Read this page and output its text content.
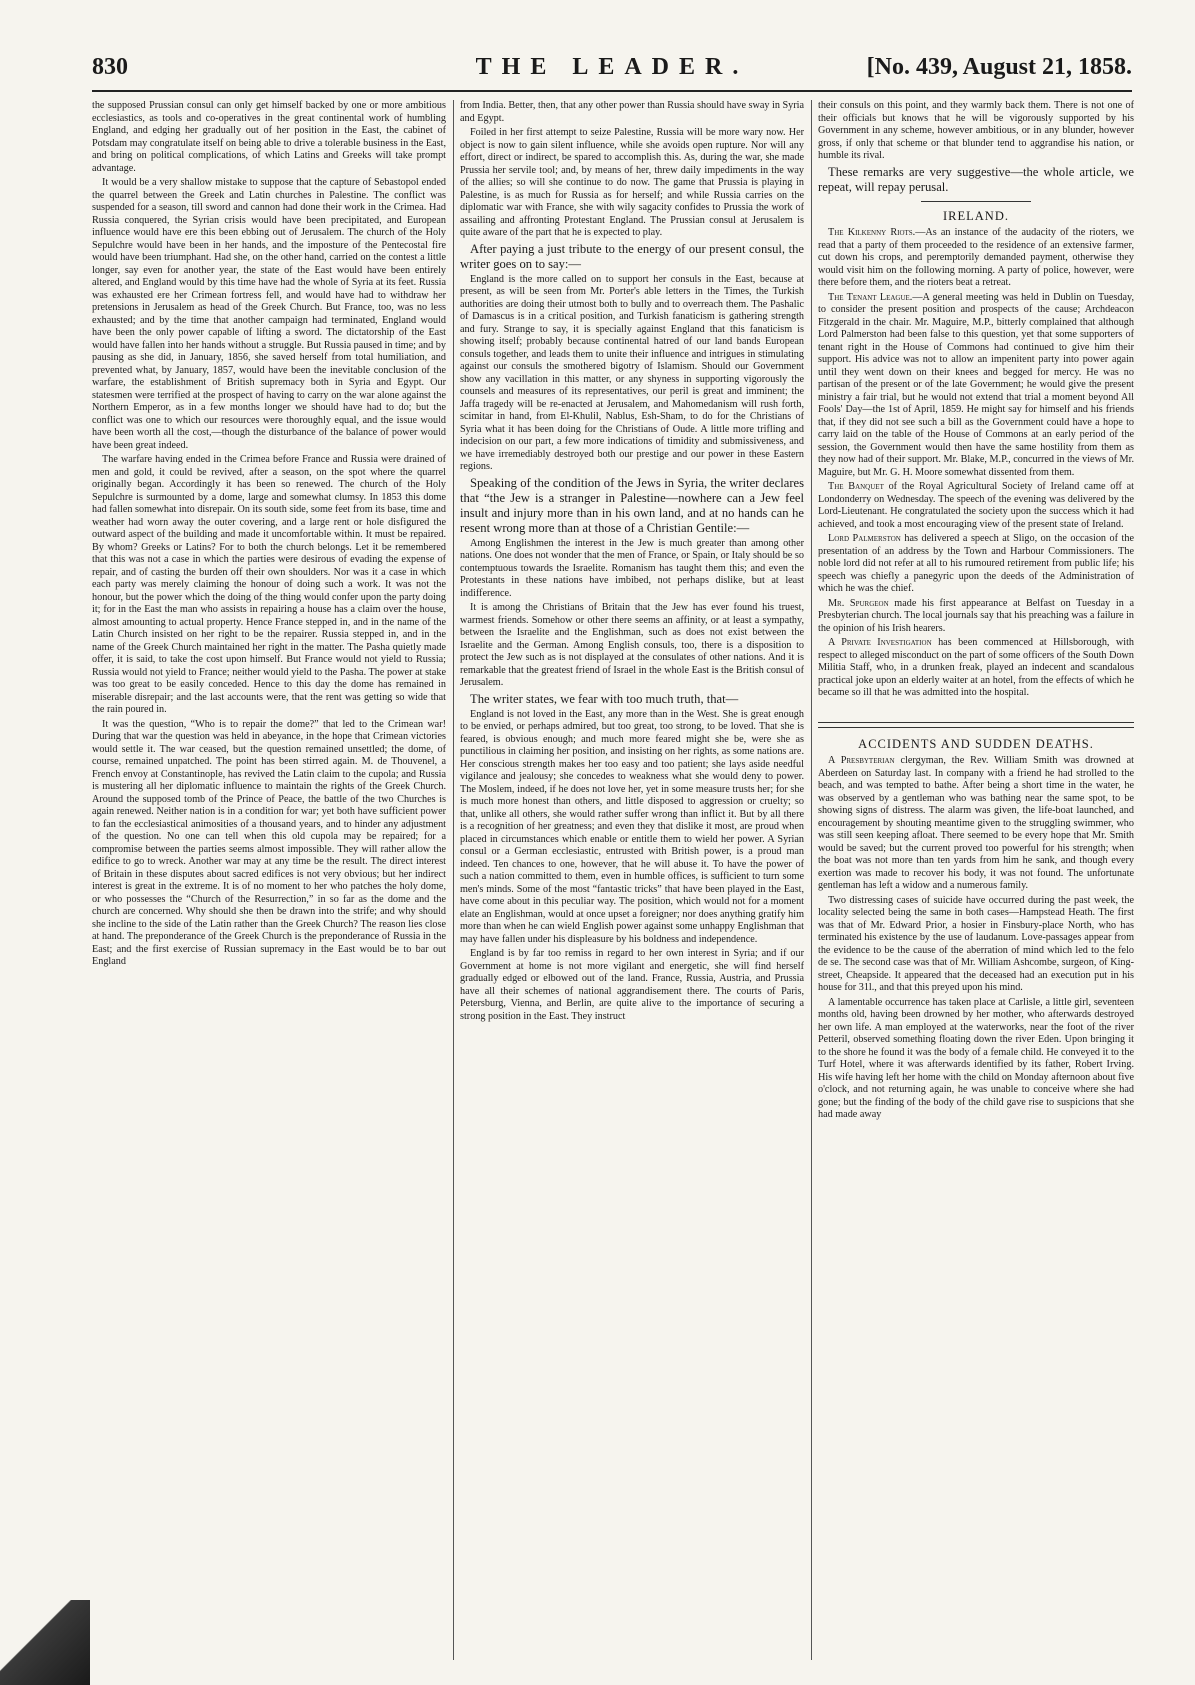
830	THE LEADER.	[No. 439, August 21, 1858.

the supposed Prussian consul can only get himself backed by one or more ambitious ecclesiastics, as tools and co-operatives in the great continental work of humbling England, and edging her gradually out of her position in the East, the cabinet of Potsdam may congratulate itself on being able to drive a tolerable business in the East, and bring on political complications, of which Latins and Greeks will take prompt advantage.

It would be a very shallow mistake to suppose that the capture of Sebastopol ended the quarrel between the Greek and Latin churches in Palestine. The conflict was suspended for a season, till sword and cannon had done their work in the Crimea. Had Russia conquered, the Syrian crisis would have been precipitated, and European influence would have ere this been ebbing out of Jerusalem. The church of the Holy Sepulchre would have been in her hands, and the imposture of the Pentecostal fire would have been triumphant. Had she, on the other hand, carried on the contest a little longer, say even for another year, the state of the East would have been entirely altered, and England would by this time have had the whole of Syria at its feet. Russia was exhausted ere her Crimean fortress fell, and would have had to withdraw her pretensions in Jerusalem as head of the Greek Church. But France, too, was no less exhausted; and by the time that another campaign had terminated, England would have been the only power capable of lifting a sword. The dictatorship of the East would have fallen into her hands without a struggle. But Russia paused in time; and by pausing as she did, in January, 1856, she saved herself from total humiliation, and prevented what, by January, 1857, would have been the inevitable conclusion of the warfare, the establishment of British supremacy both in Syria and Egypt. Our statesmen were terrified at the prospect of having to carry on the war alone against the Northern Emperor, as in a few months longer we should have had to do; but the conflict was one to which our resources were thoroughly equal, and the issue would have been worth all the cost,—though the disturbance of the balance of power would have been great indeed.

The warfare having ended in the Crimea before France and Russia were drained of men and gold, it could be revived, after a season, on the spot where the quarrel originally began. Accordingly it has been so renewed. The church of the Holy Sepulchre is surmounted by a dome, large and somewhat clumsy. In 1853 this dome had fallen somewhat into disrepair. On its south side, some feet from its base, time and weather had worn away the outer covering, and a large rent or hole disfigured the outward aspect of the building and made it uncomfortable within. It must be repaired. By whom? Greeks or Latins? For to both the church belongs. Let it be remembered that this was not a case in which the parties were desirous of evading the expense of repair, and of casting the burden off their own shoulders. Nor was it a case in which each party was merely claiming the honour of doing such a work. It was not the honour, but the power which the doing of the thing would confer upon the party doing it; for in the East the man who assists in repairing a house has a claim over the house, almost amounting to actual property. Hence France stepped in, and in the name of the Latin Church insisted on her right to be the repairer. Russia stepped in, and in the name of the Greek Church maintained her right in the matter. The Pasha quietly made offer, it is said, to take the cost upon himself. But France would not yield to Russia; Russia would not yield to France; neither would yield to the Pasha. The power at stake was too great to be easily conceded. Hence to this day the dome has remained in miserable disrepair; and the last accounts were, that the rent was getting so wide that the rain poured in.

It was the question, “Who is to repair the dome?” that led to the Crimean war! During that war the question was held in abeyance, in the hope that Crimean victories would settle it. The war ceased, but the question remained unsettled; the dome, of course, remained unpatched. The point has been stirred again. M. de Thouvenel, a French envoy at Constantinople, has revived the Latin claim to the cupola; and Russia is mustering all her diplomatic influence to maintain the rights of the Greek Church. Around the supposed tomb of the Prince of Peace, the battle of the two Churches is again renewed. Neither nation is in a condition for war; yet both have sufficient power to fan the ecclesiastical animosities of a thousand years, and to hinder any adjustment of the question. No one can tell when this old cupola may be repaired; for a compromise between the parties seems almost impossible. They will rather allow the edifice to go to wreck. Another war may at any time be the result. The direct interest of Britain in these disputes about sacred edifices is not very obvious; but her indirect interest is great in the extreme. It is of no moment to her who patches the holy dome, or who possesses the “Church of the Resurrection,” in so far as the dome and the church are concerned. Why should she then be drawn into the strife; and why should she incline to the side of the Latin rather than the Greek Church? The reason lies close at hand. The preponderance of the Greek Church is the preponderance of Russia in the East; and the first exercise of Russian supremacy in the East would be to bar out England

from India. Better, then, that any other power than Russia should have sway in Syria and Egypt.

Foiled in her first attempt to seize Palestine, Russia will be more wary now. Her object is now to gain silent influence, while she avoids open rupture. Nor will any effort, direct or indirect, be spared to accomplish this. As, during the war, she made Prussia her servile tool; and, by means of her, threw daily impediments in the way of the allies; so will she continue to do now. The game that Prussia is playing in Palestine, is as much for Russia as for herself; and while Russia carries on the diplomatic war with France, she with wily sagacity confides to Prussia the work of assailing and affronting Protestant England. The Prussian consul at Jerusalem is quite aware of the part that he is expected to play.

After paying a just tribute to the energy of our present consul, the writer goes on to say:—

England is the more called on to support her consuls in the East, because at present, as will be seen from Mr. Porter's able letters in the Times, the Turkish authorities are doing their utmost both to bully and to overreach them. The Pashalic of Damascus is in a critical position, and Turkish fanaticism is gathering strength and fury. Strange to say, it is specially against England that this fanaticism is showing itself; probably because continental hatred of our land bands European consuls together, and leads them to unite their influence and intrigues in stimulating against our consuls the smothered bigotry of Islamism. Should our Government show any vacillation in this matter, or any shyness in supporting vigorously the counsels and measures of its representatives, our peril is great and imminent; the Jaffa tragedy will be re-enacted at Jerusalem, and Mahomedanism will rush forth, scimitar in hand, from El-Khulil, Nablus, Esh-Sham, to do for the Christians of Syria what it has been doing for the Christians of Oude. A little more trifling and indecision on our part, a few more indications of timidity and submissiveness, and we have irremediably destroyed both our prestige and our power in these Eastern regions.

Speaking of the condition of the Jews in Syria, the writer declares that “the Jew is a stranger in Palestine—nowhere can a Jew feel insult and injury more than in his own land, and at no hands can he resent wrong more than at those of a Christian Gentile:—

Among Englishmen the interest in the Jew is much greater than among other nations. One does not wonder that the men of France, or Spain, or Italy should be so contemptuous towards the Israelite. Romanism has taught them this; and even the Protestants in these nations have imbibed, not perhaps dislike, but at least indifference.

It is among the Christians of Britain that the Jew has ever found his truest, warmest friends. Somehow or other there seems an affinity, or at least a sympathy, between the Israelite and the Englishman, such as does not exist between the Israelite and the German. Among English consuls, too, there is a disposition to protect the Jew such as is not displayed at the consulates of other nations. And it is remarkable that the greatest friend of Israel in the whole East is the British consul of Jerusalem.

The writer states, we fear with too much truth, that—

England is not loved in the East, any more than in the West. She is great enough to be envied, or perhaps admired, but too great, too strong, to be loved. That she is feared, is obvious enough; and much more feared might she be, were she as punctilious in claiming her position, and insisting on her rights, as some nations are. Her conscious strength makes her too easy and too patient; she lays aside needful vigilance and jealousy; she concedes to weakness what she would deny to power. The Moslem, indeed, if he does not love her, yet in some measure trusts her; for she is much more honest than others, and little disposed to aggression or cruelty; so that, unlike all others, she would rather suffer wrong than inflict it. But by all there is a recognition of her greatness; and even they that dislike it most, are proud when placed in circumstances which enable or entitle them to wield her power. A Syrian consul or a German ecclesiastic, entrusted with British power, is a proud man indeed. Ten chances to one, however, that he will abuse it. To have the power of such a nation committed to them, even in humble offices, is sufficient to turn some men's minds. Some of the most “fantastic tricks” that have been played in the East, have come about in this peculiar way. The position, which would not for a moment elate an Englishman, would at once upset a foreigner; nor does anything gratify him more than when he can wield English power against some unhappy Englishman that may have fallen under his displeasure by his boldness and independence.

England is by far too remiss in regard to her own interest in Syria; and if our Government at home is not more vigilant and energetic, she will find herself gradually edged or elbowed out of the land. France, Russia, Austria, and Prussia have all their schemes of national aggrandisement there. The courts of Paris, Petersburg, Vienna, and Berlin, are quite alive to the importance of securing a strong position in the East. They instruct

their consuls on this point, and they warmly back them. There is not one of their officials but knows that he will be vigorously supported by his Government in any scheme, however ambitious, or in any blunder, however gross, if only that scheme or that blunder tend to aggrandise his nation, or humble its rival.

These remarks are very suggestive—the whole article, we repeat, will repay perusal.

IRELAND.

The Kilkenny Riots.—As an instance of the audacity of the rioters, we read that a party of them proceeded to the residence of an extensive farmer, cut down his crops, and peremptorily demanded payment, otherwise they would visit him on the following morning. A party of police, however, were there before them, and the rioters beat a retreat.

The Tenant League.—A general meeting was held in Dublin on Tuesday, to consider the present position and prospects of the cause; Archdeacon Fitzgerald in the chair. Mr. Maguire, M.P., bitterly complained that although Lord Palmerston had been false to this question, yet that some supporters of tenant right in the House of Commons had continued to give him their support. His advice was not to allow an impenitent party into power again until they went down on their knees and begged for mercy. He was no partisan of the present or of the late Government; he would give the present ministry a fair trial, but he would not extend that trial a moment beyond All Fools' Day—the 1st of April, 1859. He might say for himself and his friends that, if they did not see such a bill as the Government could have a hope to carry laid on the table of the House of Commons at an early period of the session, the Government would then have the same hostility from them as they now had of their support. Mr. Blake, M.P., concurred in the views of Mr. Maguire, but Mr. G. H. Moore somewhat dissented from them.

The Banquet of the Royal Agricultural Society of Ireland came off at Londonderry on Wednesday. The speech of the evening was delivered by the Lord-Lieutenant. He congratulated the society upon the success which it had achieved, and took a most encouraging view of the present state of Ireland.

Lord Palmerston has delivered a speech at Sligo, on the occasion of the presentation of an address by the Town and Harbour Commissioners. The noble lord did not refer at all to his rumoured retirement from public life; his speech was chiefly a panegyric upon the deeds of the Administration of which he was the chief.

Mr. Spurgeon made his first appearance at Belfast on Tuesday in a Presbyterian church. The local journals say that his preaching was a failure in the opinion of his Irish hearers.

A Private Investigation has been commenced at Hillsborough, with respect to alleged misconduct on the part of some officers of the South Down Militia Staff, who, in a drunken freak, played an indecent and scandalous practical joke upon an elderly waiter at an hotel, from the effects of which he became so ill that he was admitted into the hospital.

ACCIDENTS AND SUDDEN DEATHS.

A Presbyterian clergyman, the Rev. William Smith was drowned at Aberdeen on Saturday last. In company with a friend he had strolled to the beach, and was tempted to bathe. After being a short time in the water, he was observed by a gentleman who was bathing near the same spot, to be showing signs of distress. The alarm was given, the life-boat launched, and encouragement by shouting meantime given to the struggling swimmer, who was still seen keeping afloat. There seemed to be every hope that Mr. Smith would be saved; but the current proved too powerful for his strength; when the boat was not more than ten yards from him he sank, and though every exertion was made to recover his body, it was not found. The unfortunate gentleman has left a widow and a numerous family.

Two distressing cases of suicide have occurred during the past week, the locality selected being the same in both cases—Hampstead Heath. The first was that of Mr. Edward Prior, a hosier in Finsbury-place North, who has terminated his existence by the use of laudanum. Love-passages appear from the evidence to be the cause of the aberration of mind which led to the felo de se. The second case was that of Mr. William Ashcombe, surgeon, of King-street, Cheapside. It appeared that the deceased had an execution put in his house for 31l., and that this preyed upon his mind.

A lamentable occurrence has taken place at Carlisle, a little girl, seventeen months old, having been drowned by her mother, who afterwards destroyed her own life. A man employed at the waterworks, near the foot of the river Petteril, observed something floating down the river Eden. Upon bringing it to the shore he found it was the body of a female child. He conveyed it to the Turf Hotel, where it was afterwards identified by its father, Robert Irving. His wife having left her home with the child on Monday afternoon about five o'clock, and not returning again, he was unable to conceive where she had gone; but the finding of the body of the child gave rise to suspicions that she had made away
